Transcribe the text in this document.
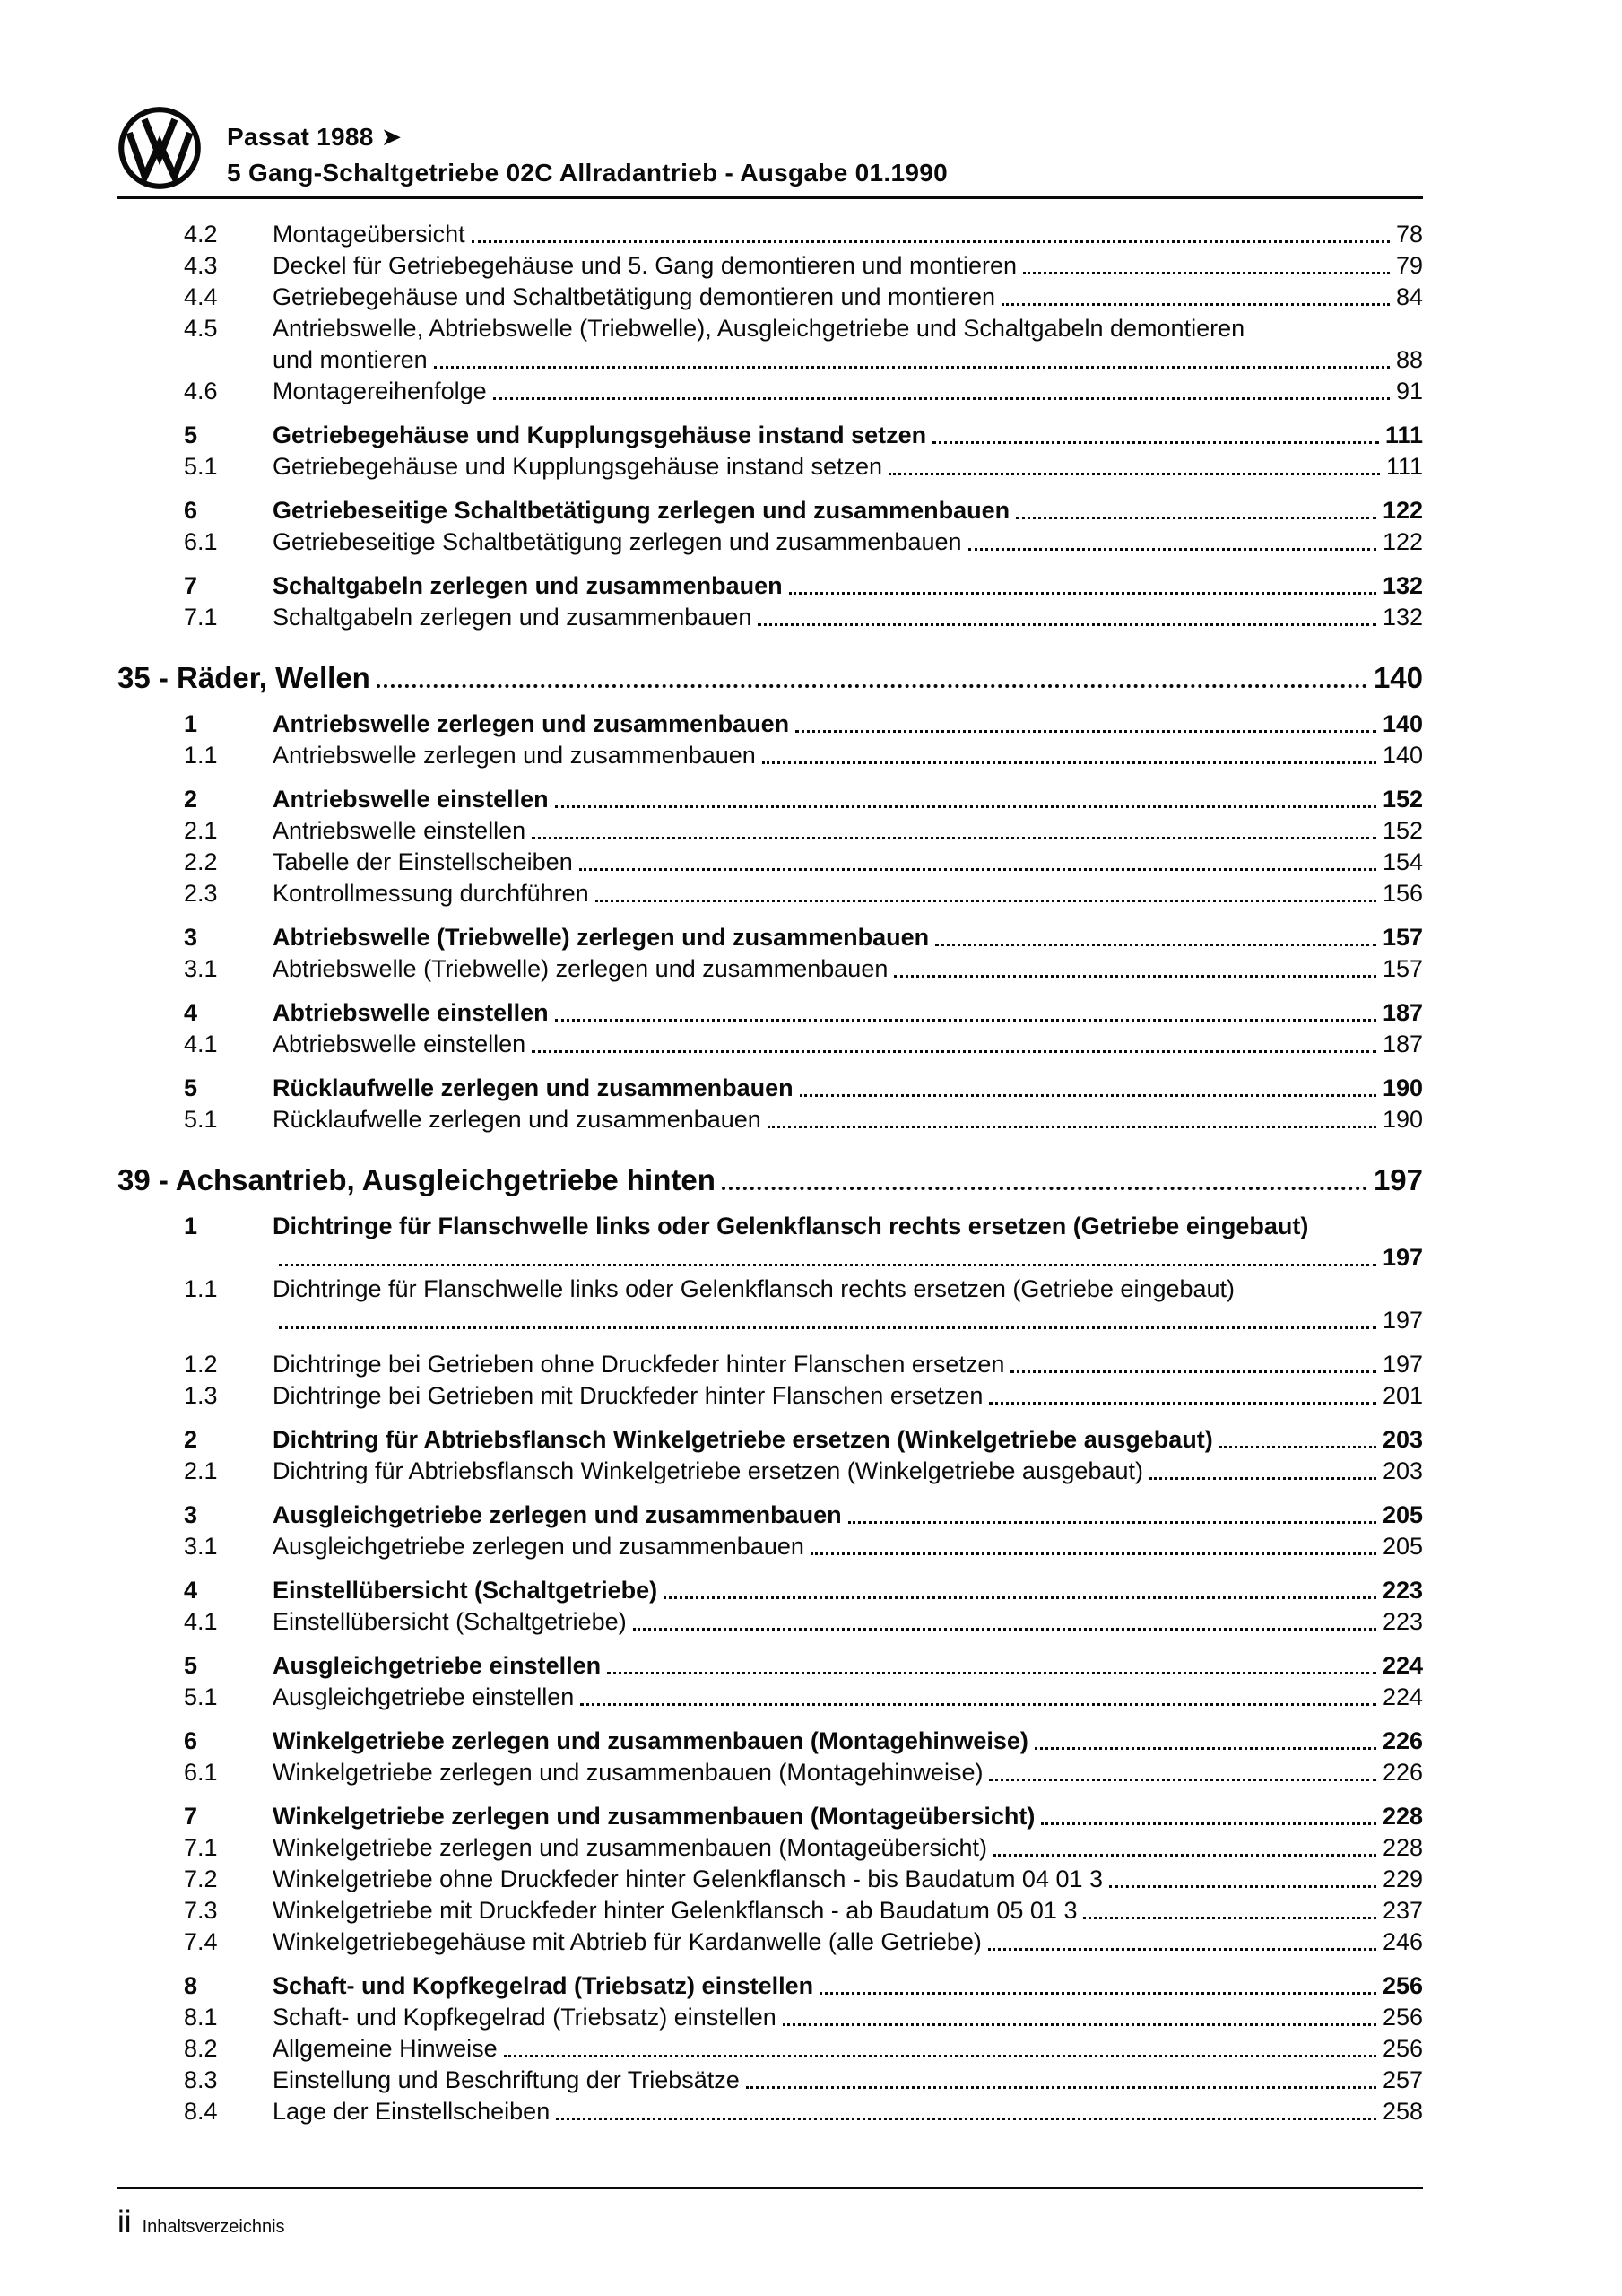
Passat 1988 ➤
5 Gang-Schaltgetriebe 02C Allradantrieb - Ausgabe 01.1990
4.2	Montageübersicht	78
4.3	Deckel für Getriebegehäuse und 5. Gang demontieren und montieren	79
4.4	Getriebegehäuse und Schaltbetätigung demontieren und montieren	84
4.5	Antriebswelle, Abtriebswelle (Triebwelle), Ausgleichgetriebe und Schaltgabeln demontieren
und montieren	88
4.6	Montagereihenfolge	91
5	Getriebegehäuse und Kupplungsgehäuse instand setzen	111
5.1	Getriebegehäuse und Kupplungsgehäuse instand setzen	111
6	Getriebeseitige Schaltbetätigung zerlegen und zusammenbauen	122
6.1	Getriebeseitige Schaltbetätigung zerlegen und zusammenbauen	122
7	Schaltgabeln zerlegen und zusammenbauen	132
7.1	Schaltgabeln zerlegen und zusammenbauen	132
35 - Räder, Wellen	140
1	Antriebswelle zerlegen und zusammenbauen	140
1.1	Antriebswelle zerlegen und zusammenbauen	140
2	Antriebswelle einstellen	152
2.1	Antriebswelle einstellen	152
2.2	Tabelle der Einstellscheiben	154
2.3	Kontrollmessung durchführen	156
3	Abtriebswelle (Triebwelle) zerlegen und zusammenbauen	157
3.1	Abtriebswelle (Triebwelle) zerlegen und zusammenbauen	157
4	Abtriebswelle einstellen	187
4.1	Abtriebswelle einstellen	187
5	Rücklaufwelle zerlegen und zusammenbauen	190
5.1	Rücklaufwelle zerlegen und zusammenbauen	190
39 - Achsantrieb, Ausgleichgetriebe hinten	197
1	Dichtringe für Flanschwelle links oder Gelenkflansch rechts ersetzen (Getriebe eingebaut)
197
1.1	Dichtringe für Flanschwelle links oder Gelenkflansch rechts ersetzen (Getriebe eingebaut)
197
1.2	Dichtringe bei Getrieben ohne Druckfeder hinter Flanschen ersetzen	197
1.3	Dichtringe bei Getrieben mit Druckfeder hinter Flanschen ersetzen	201
2	Dichtring für Abtriebsflansch Winkelgetriebe ersetzen (Winkelgetriebe ausgebaut)	203
2.1	Dichtring für Abtriebsflansch Winkelgetriebe ersetzen (Winkelgetriebe ausgebaut)	203
3	Ausgleichgetriebe zerlegen und zusammenbauen	205
3.1	Ausgleichgetriebe zerlegen und zusammenbauen	205
4	Einstellübersicht (Schaltgetriebe)	223
4.1	Einstellübersicht (Schaltgetriebe)	223
5	Ausgleichgetriebe einstellen	224
5.1	Ausgleichgetriebe einstellen	224
6	Winkelgetriebe zerlegen und zusammenbauen (Montagehinweise)	226
6.1	Winkelgetriebe zerlegen und zusammenbauen (Montagehinweise)	226
7	Winkelgetriebe zerlegen und zusammenbauen (Montageübersicht)	228
7.1	Winkelgetriebe zerlegen und zusammenbauen (Montageübersicht)	228
7.2	Winkelgetriebe ohne Druckfeder hinter Gelenkflansch - bis Baudatum 04 01 3	229
7.3	Winkelgetriebe mit Druckfeder hinter Gelenkflansch - ab Baudatum 05 01 3	237
7.4	Winkelgetriebegehäuse mit Abtrieb für Kardanwelle (alle Getriebe)	246
8	Schaft- und Kopfkegelrad (Triebsatz) einstellen	256
8.1	Schaft- und Kopfkegelrad (Triebsatz) einstellen	256
8.2	Allgemeine Hinweise	256
8.3	Einstellung und Beschriftung der Triebsätze	257
8.4	Lage der Einstellscheiben	258
ii Inhaltsverzeichnis
